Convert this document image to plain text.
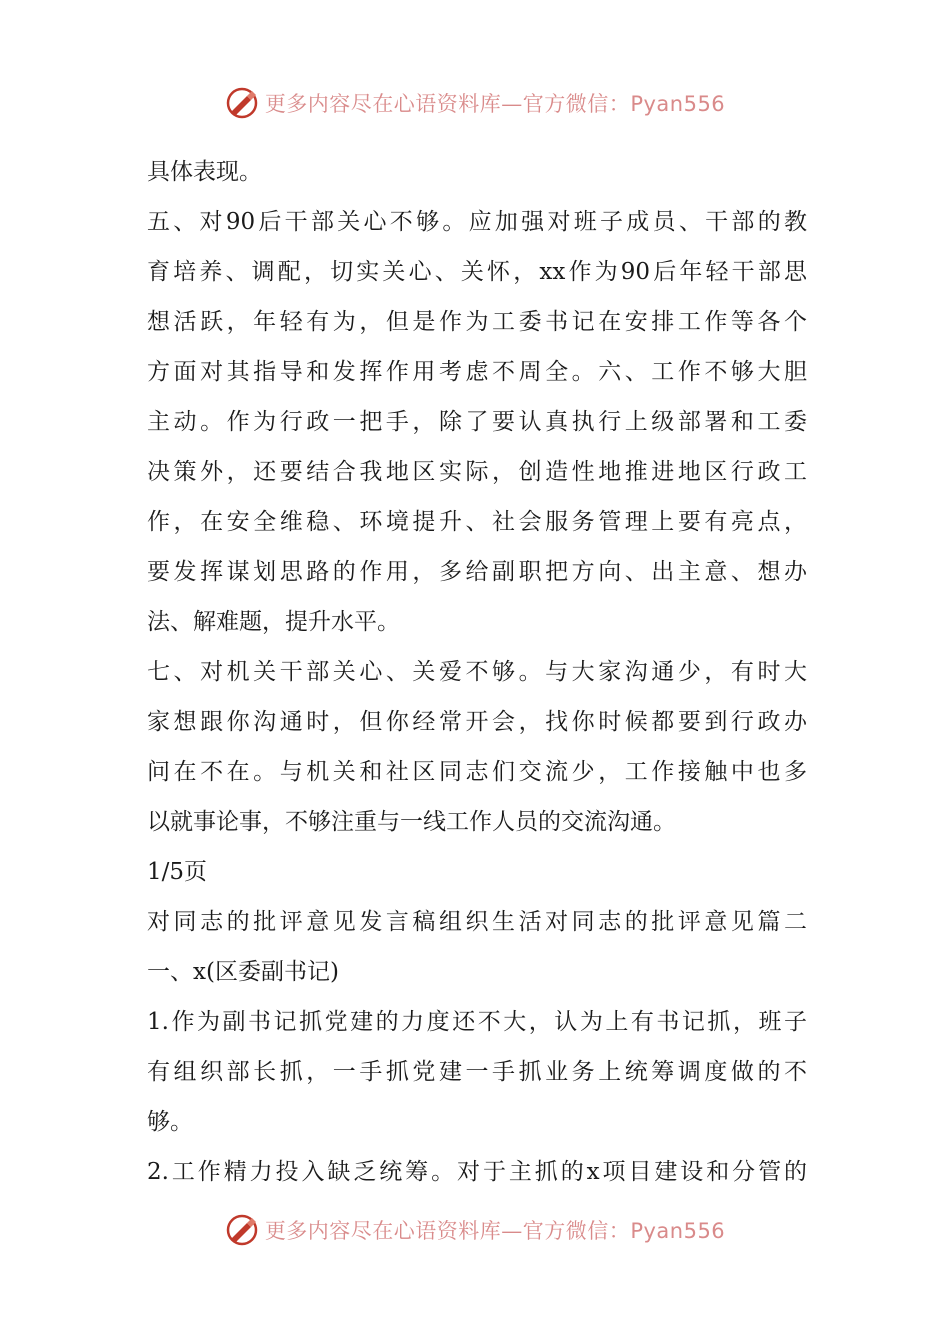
更多内容尽在心语资料库—官方微信：Pyan556
具体表现。
五、对90后干部关心不够。应加强对班子成员、干部的教
育培养、调配，切实关心、关怀，xx作为90后年轻干部思
想活跃，年轻有为，但是作为工委书记在安排工作等各个
方面对其指导和发挥作用考虑不周全。六、工作不够大胆
主动。作为行政一把手，除了要认真执行上级部署和工委
决策外，还要结合我地区实际，创造性地推进地区行政工
作，在安全维稳、环境提升、社会服务管理上要有亮点，
要发挥谋划思路的作用，多给副职把方向、出主意、想办
法、解难题，提升水平。
七、对机关干部关心、关爱不够。与大家沟通少，有时大
家想跟你沟通时，但你经常开会，找你时候都要到行政办
问在不在。与机关和社区同志们交流少，工作接触中也多
以就事论事，不够注重与一线工作人员的交流沟通。
1/5页
对同志的批评意见发言稿组织生活对同志的批评意见篇二
一、x(区委副书记)
1.作为副书记抓党建的力度还不大，认为上有书记抓，班子
有组织部长抓，一手抓党建一手抓业务上统筹调度做的不
够。
2.工作精力投入缺乏统筹。对于主抓的x项目建设和分管的
更多内容尽在心语资料库—官方微信：Pyan556
